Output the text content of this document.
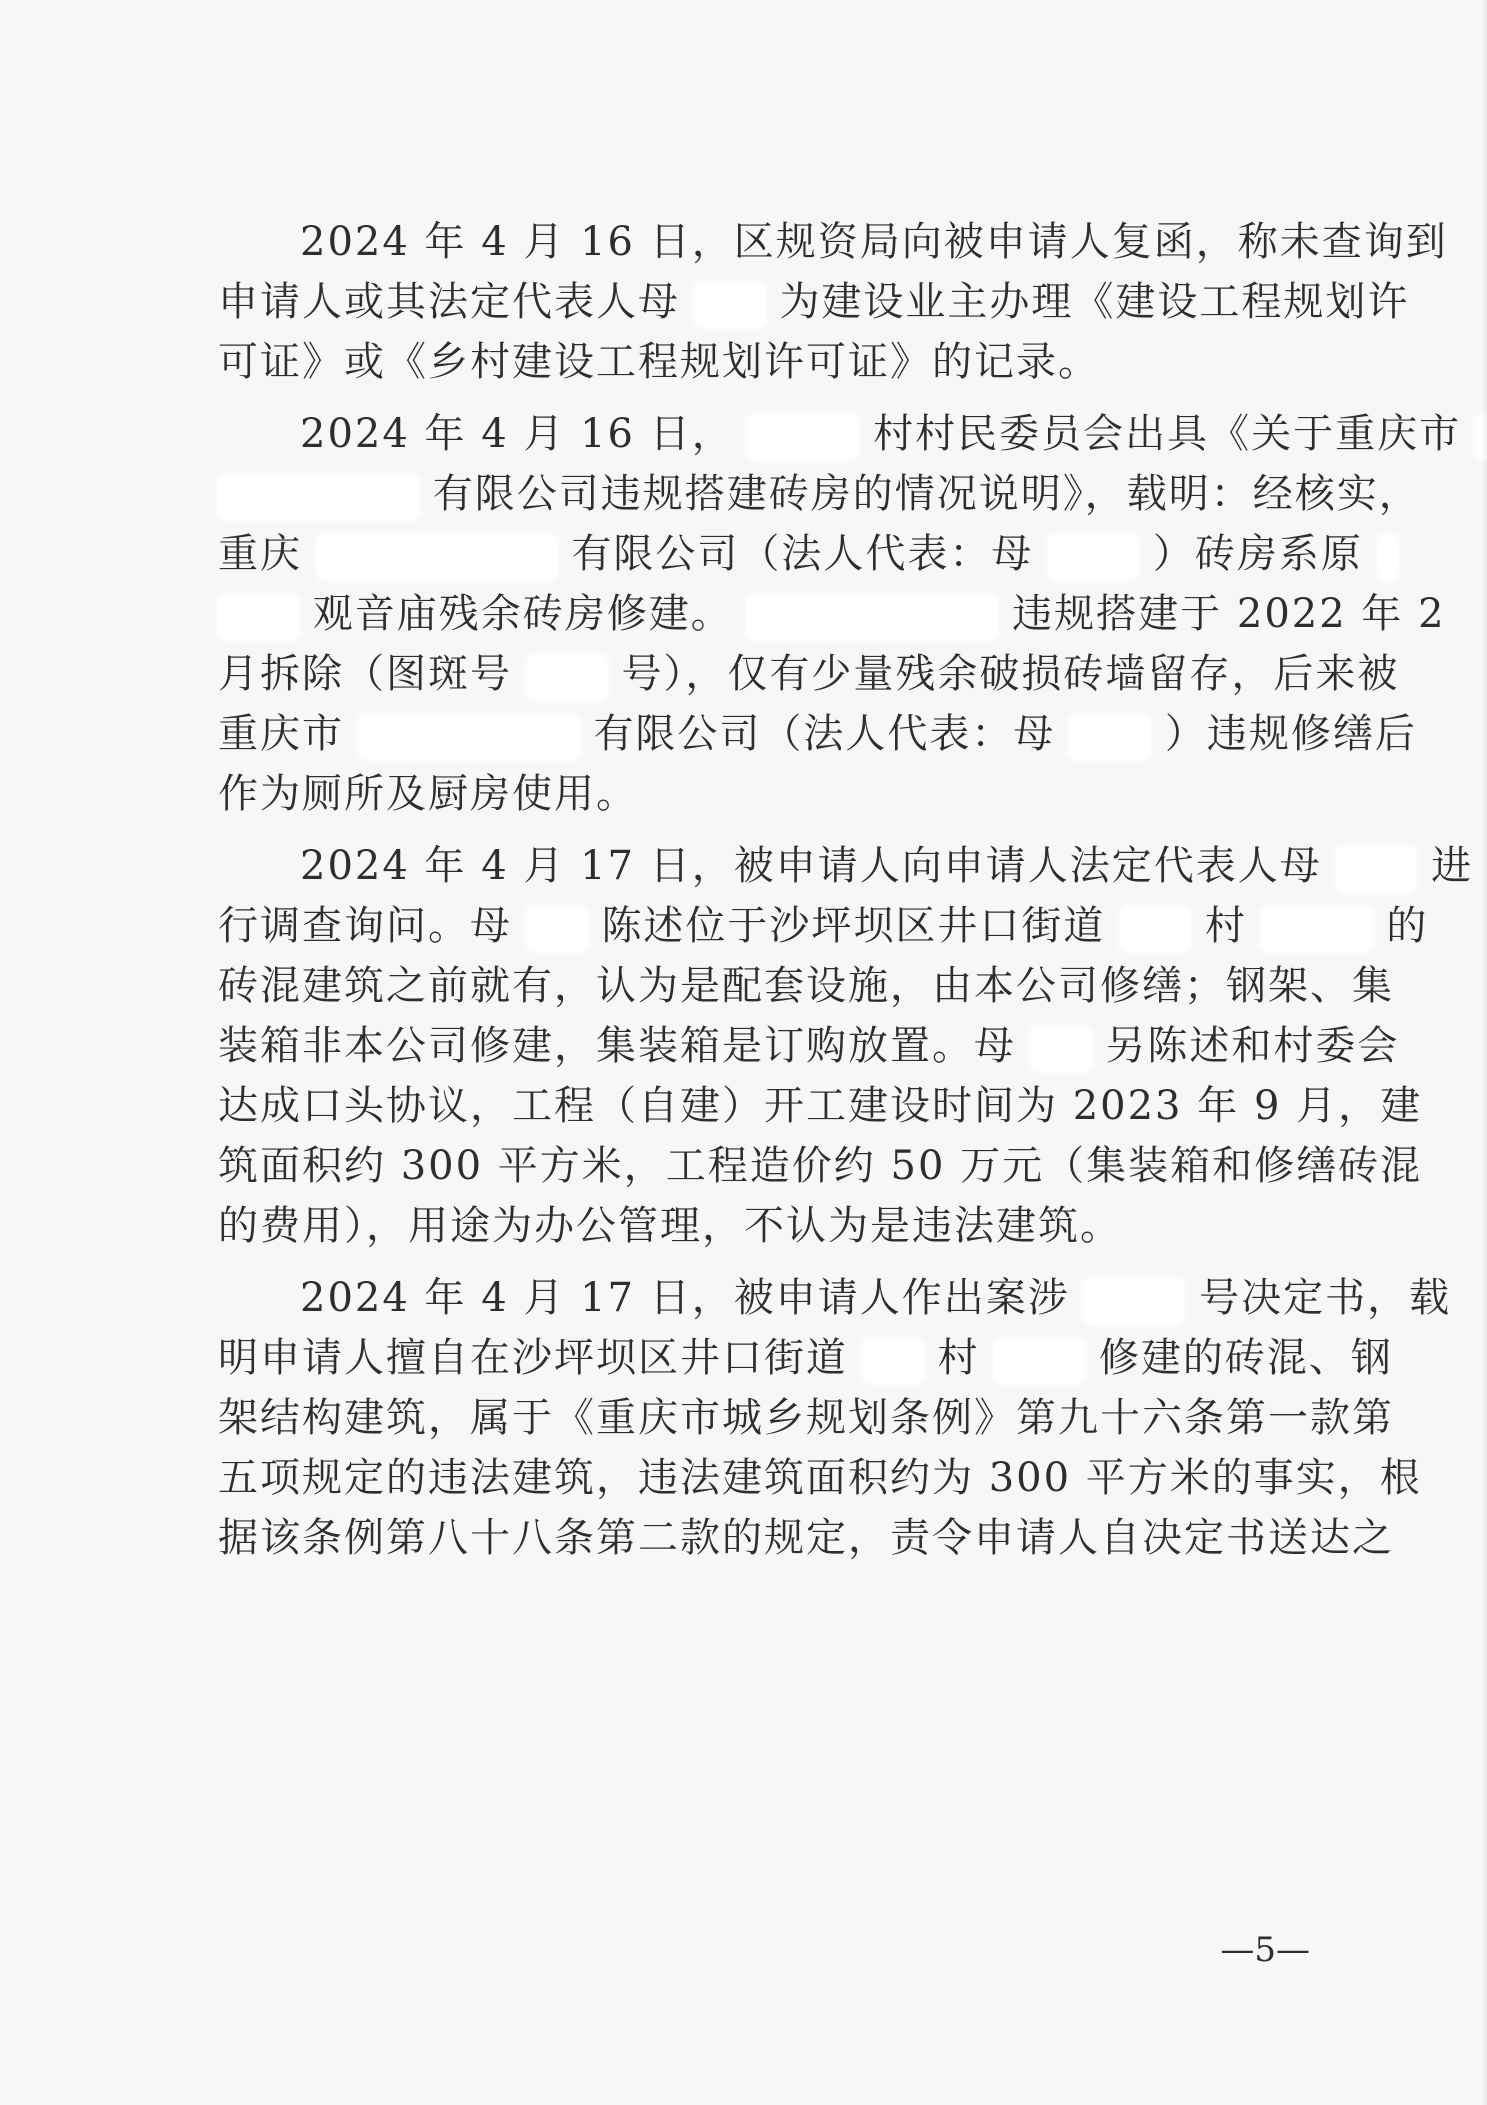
2024 年 4 月 16 日，区规资局向被申请人复函，称未查询到
申请人或其法定代表人母 为建设业主办理《建设工程规划许
可证》或《乡村建设工程规划许可证》的记录。
2024 年 4 月 16 日，	村村民委员会出具《关于重庆市
有限公司违规搭建砖房的情况说明》，载明：经核实，
重庆	有限公司（法人代表：母	）砖房系原
观音庙残余砖房修建。	违规搭建于 2022 年 2
月拆除（图斑号	号），仅有少量残余破损砖墙留存，后来被
重庆市	有限公司（法人代表：母	）违规修缮后
作为厕所及厨房使用。
2024 年 4 月 17 日，被申请人向申请人法定代表人母	进
行调查询问。母 陈述位于沙坪坝区井口街道 村	的
砖混建筑之前就有，认为是配套设施，由本公司修缮；钢架、集
装箱非本公司修建，集装箱是订购放置。母 另陈述和村委会
达成口头协议，工程（自建）开工建设时间为 2023 年 9 月，建
筑面积约 300 平方米，工程造价约 50 万元（集装箱和修缮砖混
的费用），用途为办公管理，不认为是违法建筑。
2024 年 4 月 17 日，被申请人作出案涉	号决定书，载
明申请人擅自在沙坪坝区井口街道 村	修建的砖混、钢
架结构建筑，属于《重庆市城乡规划条例》第九十六条第一款第
五项规定的违法建筑，违法建筑面积约为 300 平方米的事实，根
据该条例第八十八条第二款的规定，责令申请人自决定书送达之
—5—
